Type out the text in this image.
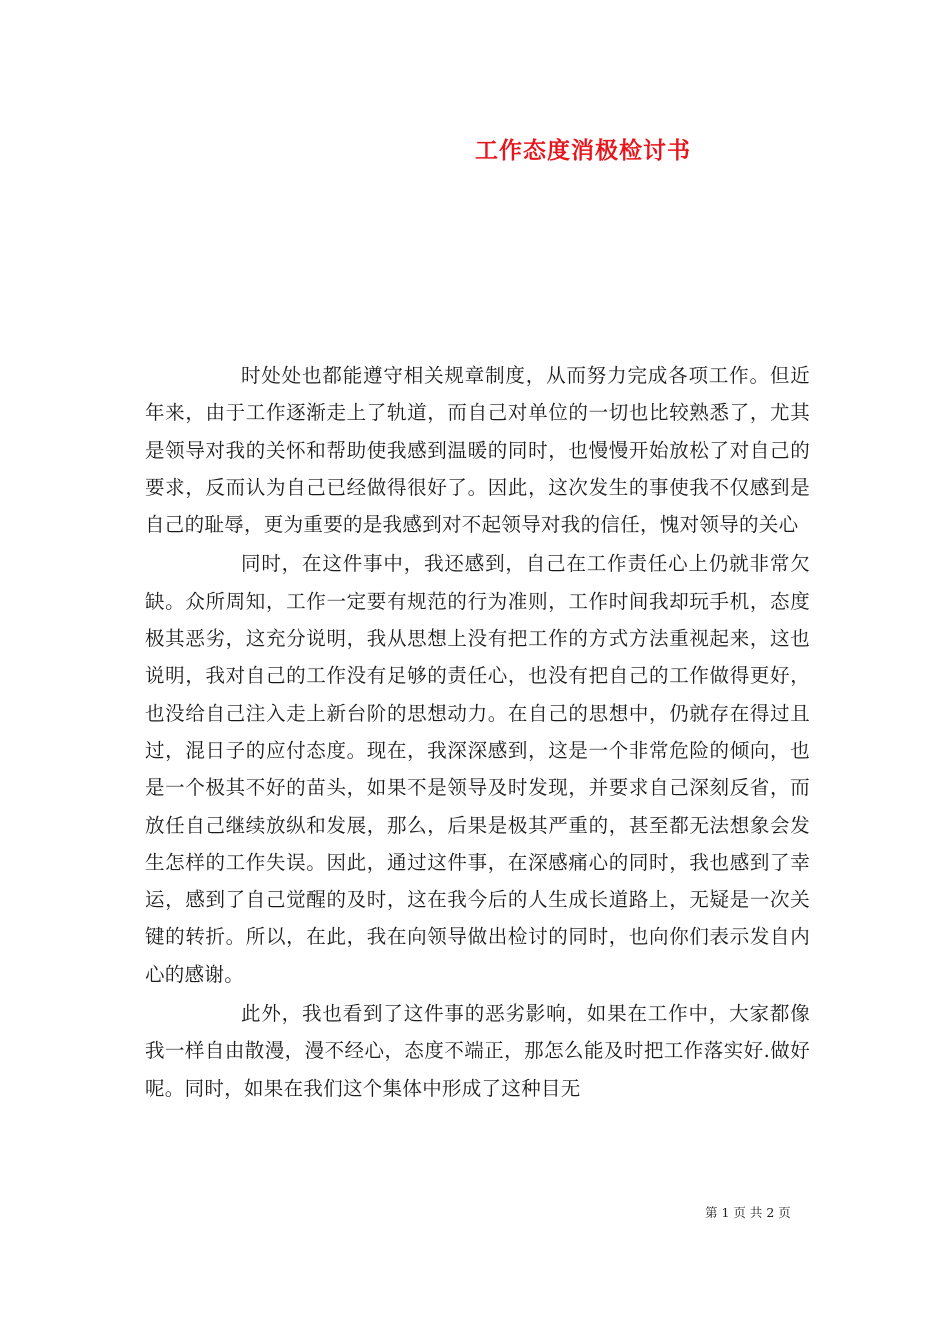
工作态度消极检讨书

时处处也都能遵守相关规章制度，从而努力完成各项工作。但近年来，由于工作逐渐走上了轨道，而自己对单位的一切也比较熟悉了，尤其是领导对我的关怀和帮助使我感到温暖的同时，也慢慢开始放松了对自己的要求，反而认为自己已经做得很好了。因此，这次发生的事使我不仅感到是自己的耻辱，更为重要的是我感到对不起领导对我的信任，愧对领导的关心

同时，在这件事中，我还感到，自己在工作责任心上仍就非常欠缺。众所周知，工作一定要有规范的行为准则，工作时间我却玩手机，态度极其恶劣，这充分说明，我从思想上没有把工作的方式方法重视起来，这也说明，我对自己的工作没有足够的责任心，也没有把自己的工作做得更好，也没给自己注入走上新台阶的思想动力。在自己的思想中，仍就存在得过且过，混日子的应付态度。现在，我深深感到，这是一个非常危险的倾向，也是一个极其不好的苗头，如果不是领导及时发现，并要求自己深刻反省，而放任自己继续放纵和发展，那么，后果是极其严重的，甚至都无法想象会发生怎样的工作失误。因此，通过这件事，在深感痛心的同时，我也感到了幸运，感到了自己觉醒的及时，这在我今后的人生成长道路上，无疑是一次关键的转折。所以，在此，我在向领导做出检讨的同时，也向你们表示发自内心的感谢。

此外，我也看到了这件事的恶劣影响，如果在工作中，大家都像我一样自由散漫，漫不经心，态度不端正，那怎么能及时把工作落实好.做好呢。同时，如果在我们这个集体中形成了这种目无

第 1 页 共 2 页
